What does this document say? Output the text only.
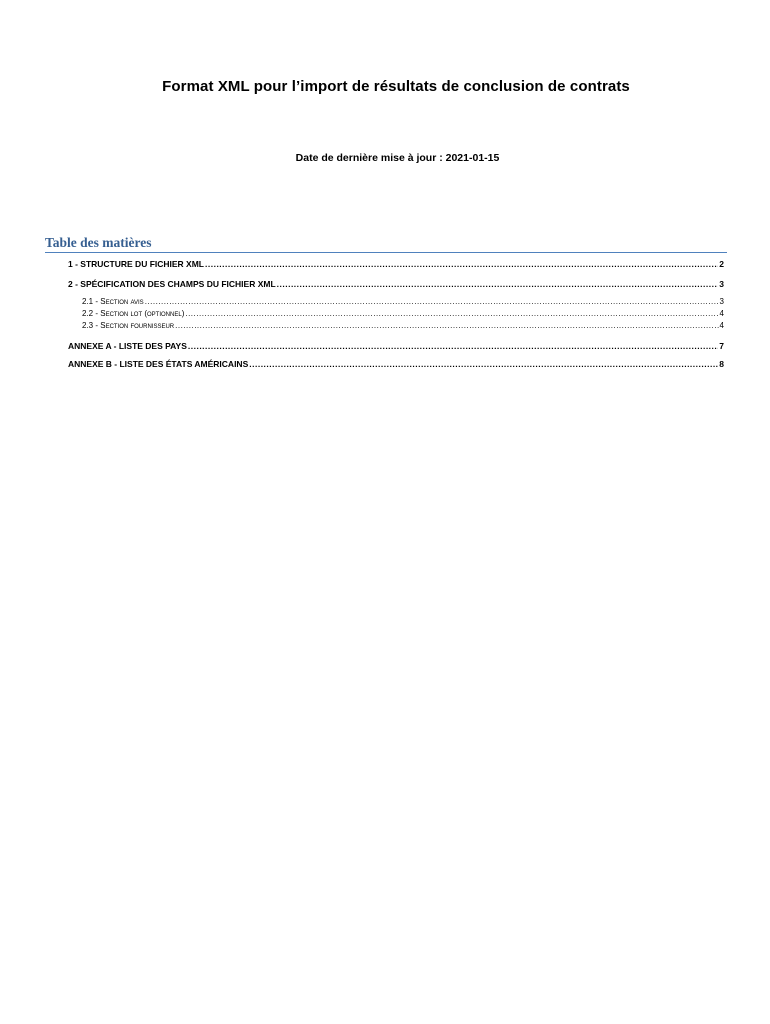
Format XML pour l’import de résultats de conclusion de contrats

Date de dernière mise à jour : 2021-01-15

Table des matières
1 - STRUCTURE DU FICHIER XML .....	2
2 - SPÉCIFICATION DES CHAMPS DU FICHIER XML .....	3
2.1 - Section avis .....	3
2.2 - Section lot (optionnel) .....	4
2.3 - Section fournisseur .....	4
ANNEXE A - LISTE DES PAYS .....	7
ANNEXE B - LISTE DES ÉTATS AMÉRICAINS .....	8
